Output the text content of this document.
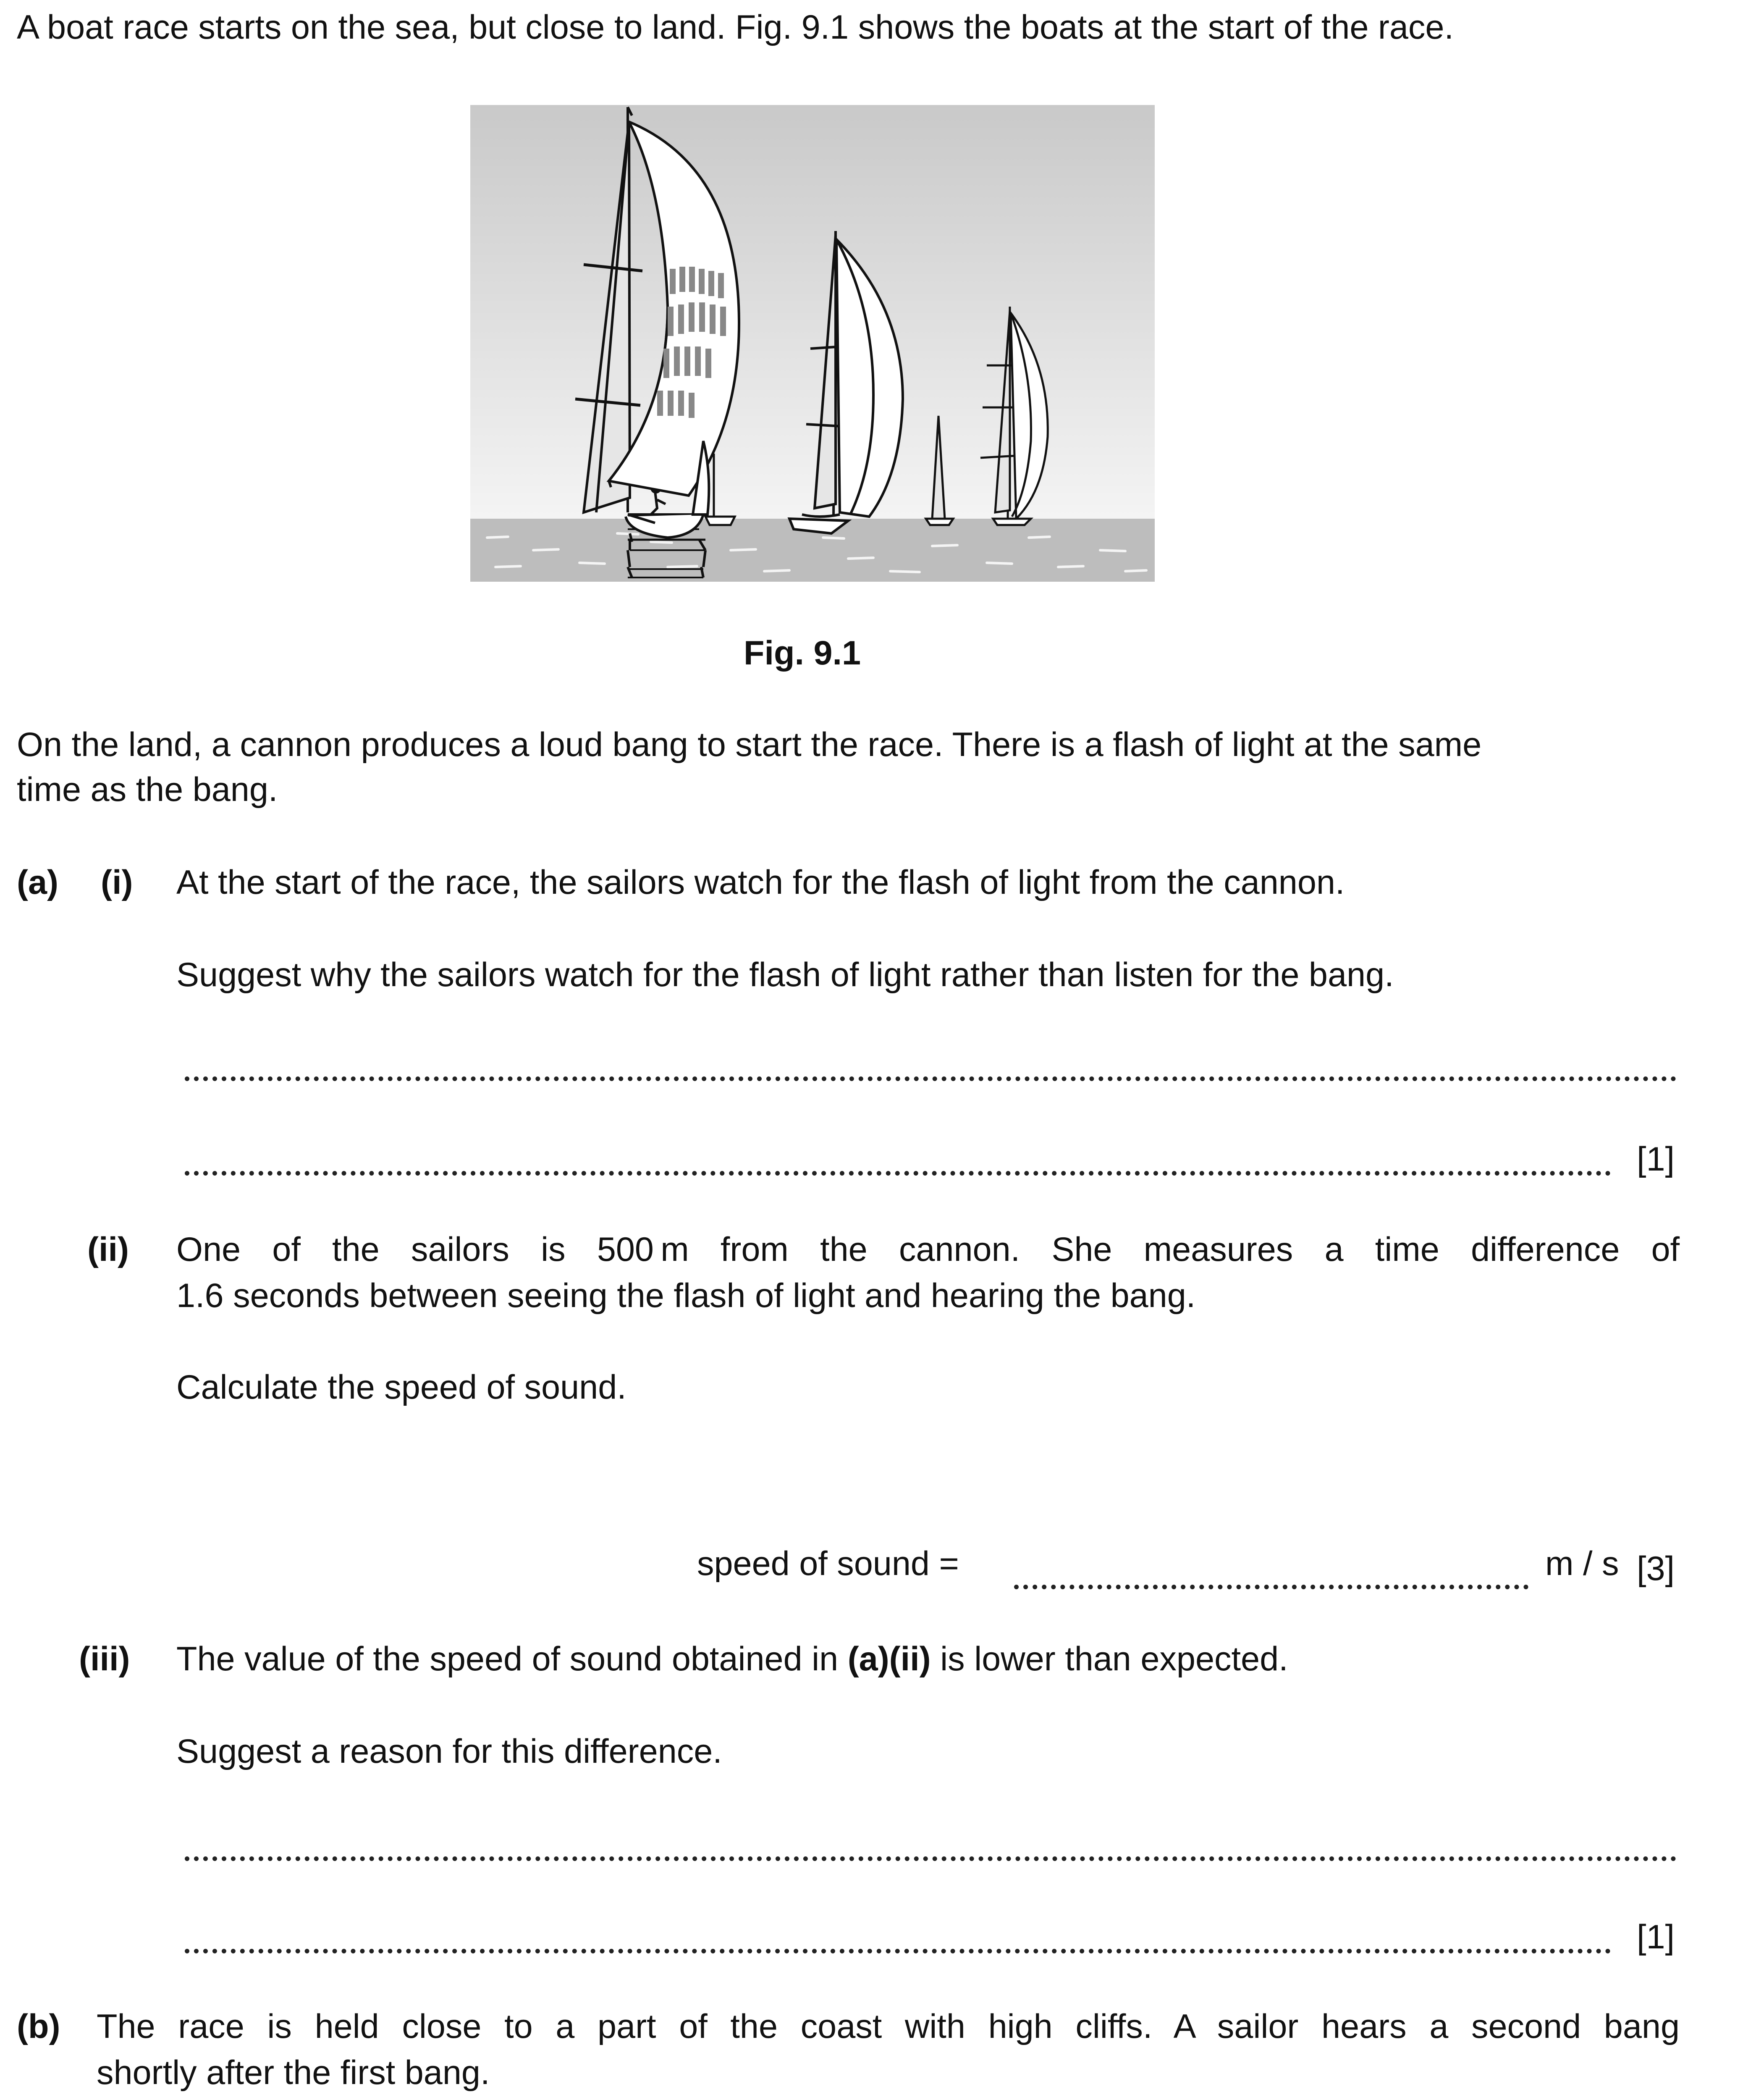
A boat race starts on the sea, but close to land. Fig. 9.1 shows the boats at the start of the race.
Fig. 9.1
On the land, a cannon produces a loud bang to start the race. There is a flash of light at the same
time as the bang.
(a) (i) At the start of the race, the sailors watch for the flash of light from the cannon.
Suggest why the sailors watch for the flash of light rather than listen for the bang.
[1]
(ii) One of the sailors is 500 m from the cannon. She measures a time difference of
1.6 seconds between seeing the flash of light and hearing the bang.
Calculate the speed of sound.
speed of sound =	m / s [3]
(iii) The value of the speed of sound obtained in (a)(ii) is lower than expected.
Suggest a reason for this difference.
[1]
(b) The race is held close to a part of the coast with high cliffs. A sailor hears a second bang
shortly after the first bang.
